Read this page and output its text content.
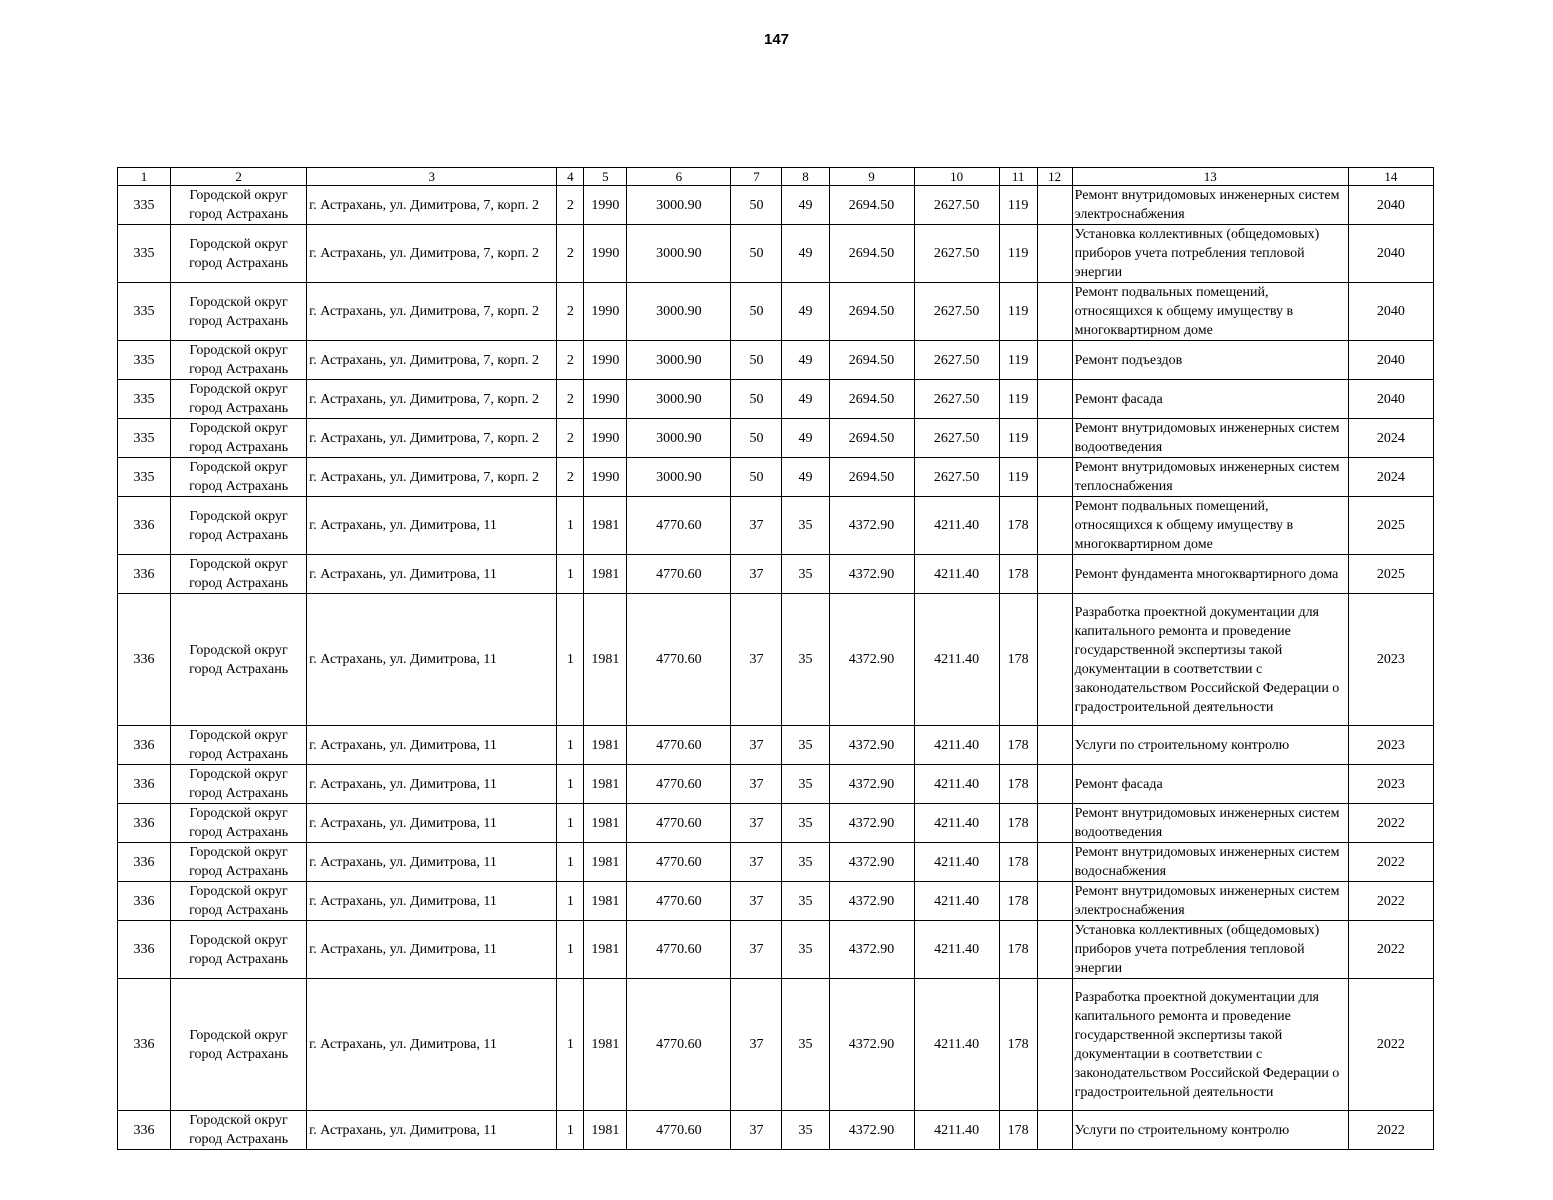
147
1	2	3	4	5	6	7	8	9	10	11	12	13	14
335	Городской округ город Астрахань	г. Астрахань, ул. Димитрова, 7, корп. 2	2	1990	3000.90	50	49	2694.50	2627.50	119		Ремонт внутридомовых инженерных систем электроснабжения	2040
335	Городской округ город Астрахань	г. Астрахань, ул. Димитрова, 7, корп. 2	2	1990	3000.90	50	49	2694.50	2627.50	119		Установка коллективных (общедомовых) приборов учета потребления тепловой энергии	2040
335	Городской округ город Астрахань	г. Астрахань, ул. Димитрова, 7, корп. 2	2	1990	3000.90	50	49	2694.50	2627.50	119		Ремонт подвальных помещений, относящихся к общему имуществу в многоквартирном доме	2040
335	Городской округ город Астрахань	г. Астрахань, ул. Димитрова, 7, корп. 2	2	1990	3000.90	50	49	2694.50	2627.50	119		Ремонт подъездов	2040
335	Городской округ город Астрахань	г. Астрахань, ул. Димитрова, 7, корп. 2	2	1990	3000.90	50	49	2694.50	2627.50	119		Ремонт фасада	2040
335	Городской округ город Астрахань	г. Астрахань, ул. Димитрова, 7, корп. 2	2	1990	3000.90	50	49	2694.50	2627.50	119		Ремонт внутридомовых инженерных систем водоотведения	2024
335	Городской округ город Астрахань	г. Астрахань, ул. Димитрова, 7, корп. 2	2	1990	3000.90	50	49	2694.50	2627.50	119		Ремонт внутридомовых инженерных систем теплоснабжения	2024
336	Городской округ город Астрахань	г. Астрахань, ул. Димитрова, 11	1	1981	4770.60	37	35	4372.90	4211.40	178		Ремонт подвальных помещений, относящихся к общему имуществу в многоквартирном доме	2025
336	Городской округ город Астрахань	г. Астрахань, ул. Димитрова, 11	1	1981	4770.60	37	35	4372.90	4211.40	178		Ремонт фундамента многоквартирного дома	2025
336	Городской округ город Астрахань	г. Астрахань, ул. Димитрова, 11	1	1981	4770.60	37	35	4372.90	4211.40	178		Разработка проектной документации для капитального ремонта и проведение государственной экспертизы такой документации в соответствии с законодательством Российской Федерации о градостроительной деятельности	2023
336	Городской округ город Астрахань	г. Астрахань, ул. Димитрова, 11	1	1981	4770.60	37	35	4372.90	4211.40	178		Услуги по строительному контролю	2023
336	Городской округ город Астрахань	г. Астрахань, ул. Димитрова, 11	1	1981	4770.60	37	35	4372.90	4211.40	178		Ремонт фасада	2023
336	Городской округ город Астрахань	г. Астрахань, ул. Димитрова, 11	1	1981	4770.60	37	35	4372.90	4211.40	178		Ремонт внутридомовых инженерных систем водоотведения	2022
336	Городской округ город Астрахань	г. Астрахань, ул. Димитрова, 11	1	1981	4770.60	37	35	4372.90	4211.40	178		Ремонт внутридомовых инженерных систем водоснабжения	2022
336	Городской округ город Астрахань	г. Астрахань, ул. Димитрова, 11	1	1981	4770.60	37	35	4372.90	4211.40	178		Ремонт внутридомовых инженерных систем электроснабжения	2022
336	Городской округ город Астрахань	г. Астрахань, ул. Димитрова, 11	1	1981	4770.60	37	35	4372.90	4211.40	178		Установка коллективных (общедомовых) приборов учета потребления тепловой энергии	2022
336	Городской округ город Астрахань	г. Астрахань, ул. Димитрова, 11	1	1981	4770.60	37	35	4372.90	4211.40	178		Разработка проектной документации для капитального ремонта и проведение государственной экспертизы такой документации в соответствии с законодательством Российской Федерации о градостроительной деятельности	2022
336	Городской округ город Астрахань	г. Астрахань, ул. Димитрова, 11	1	1981	4770.60	37	35	4372.90	4211.40	178		Услуги по строительному контролю	2022
